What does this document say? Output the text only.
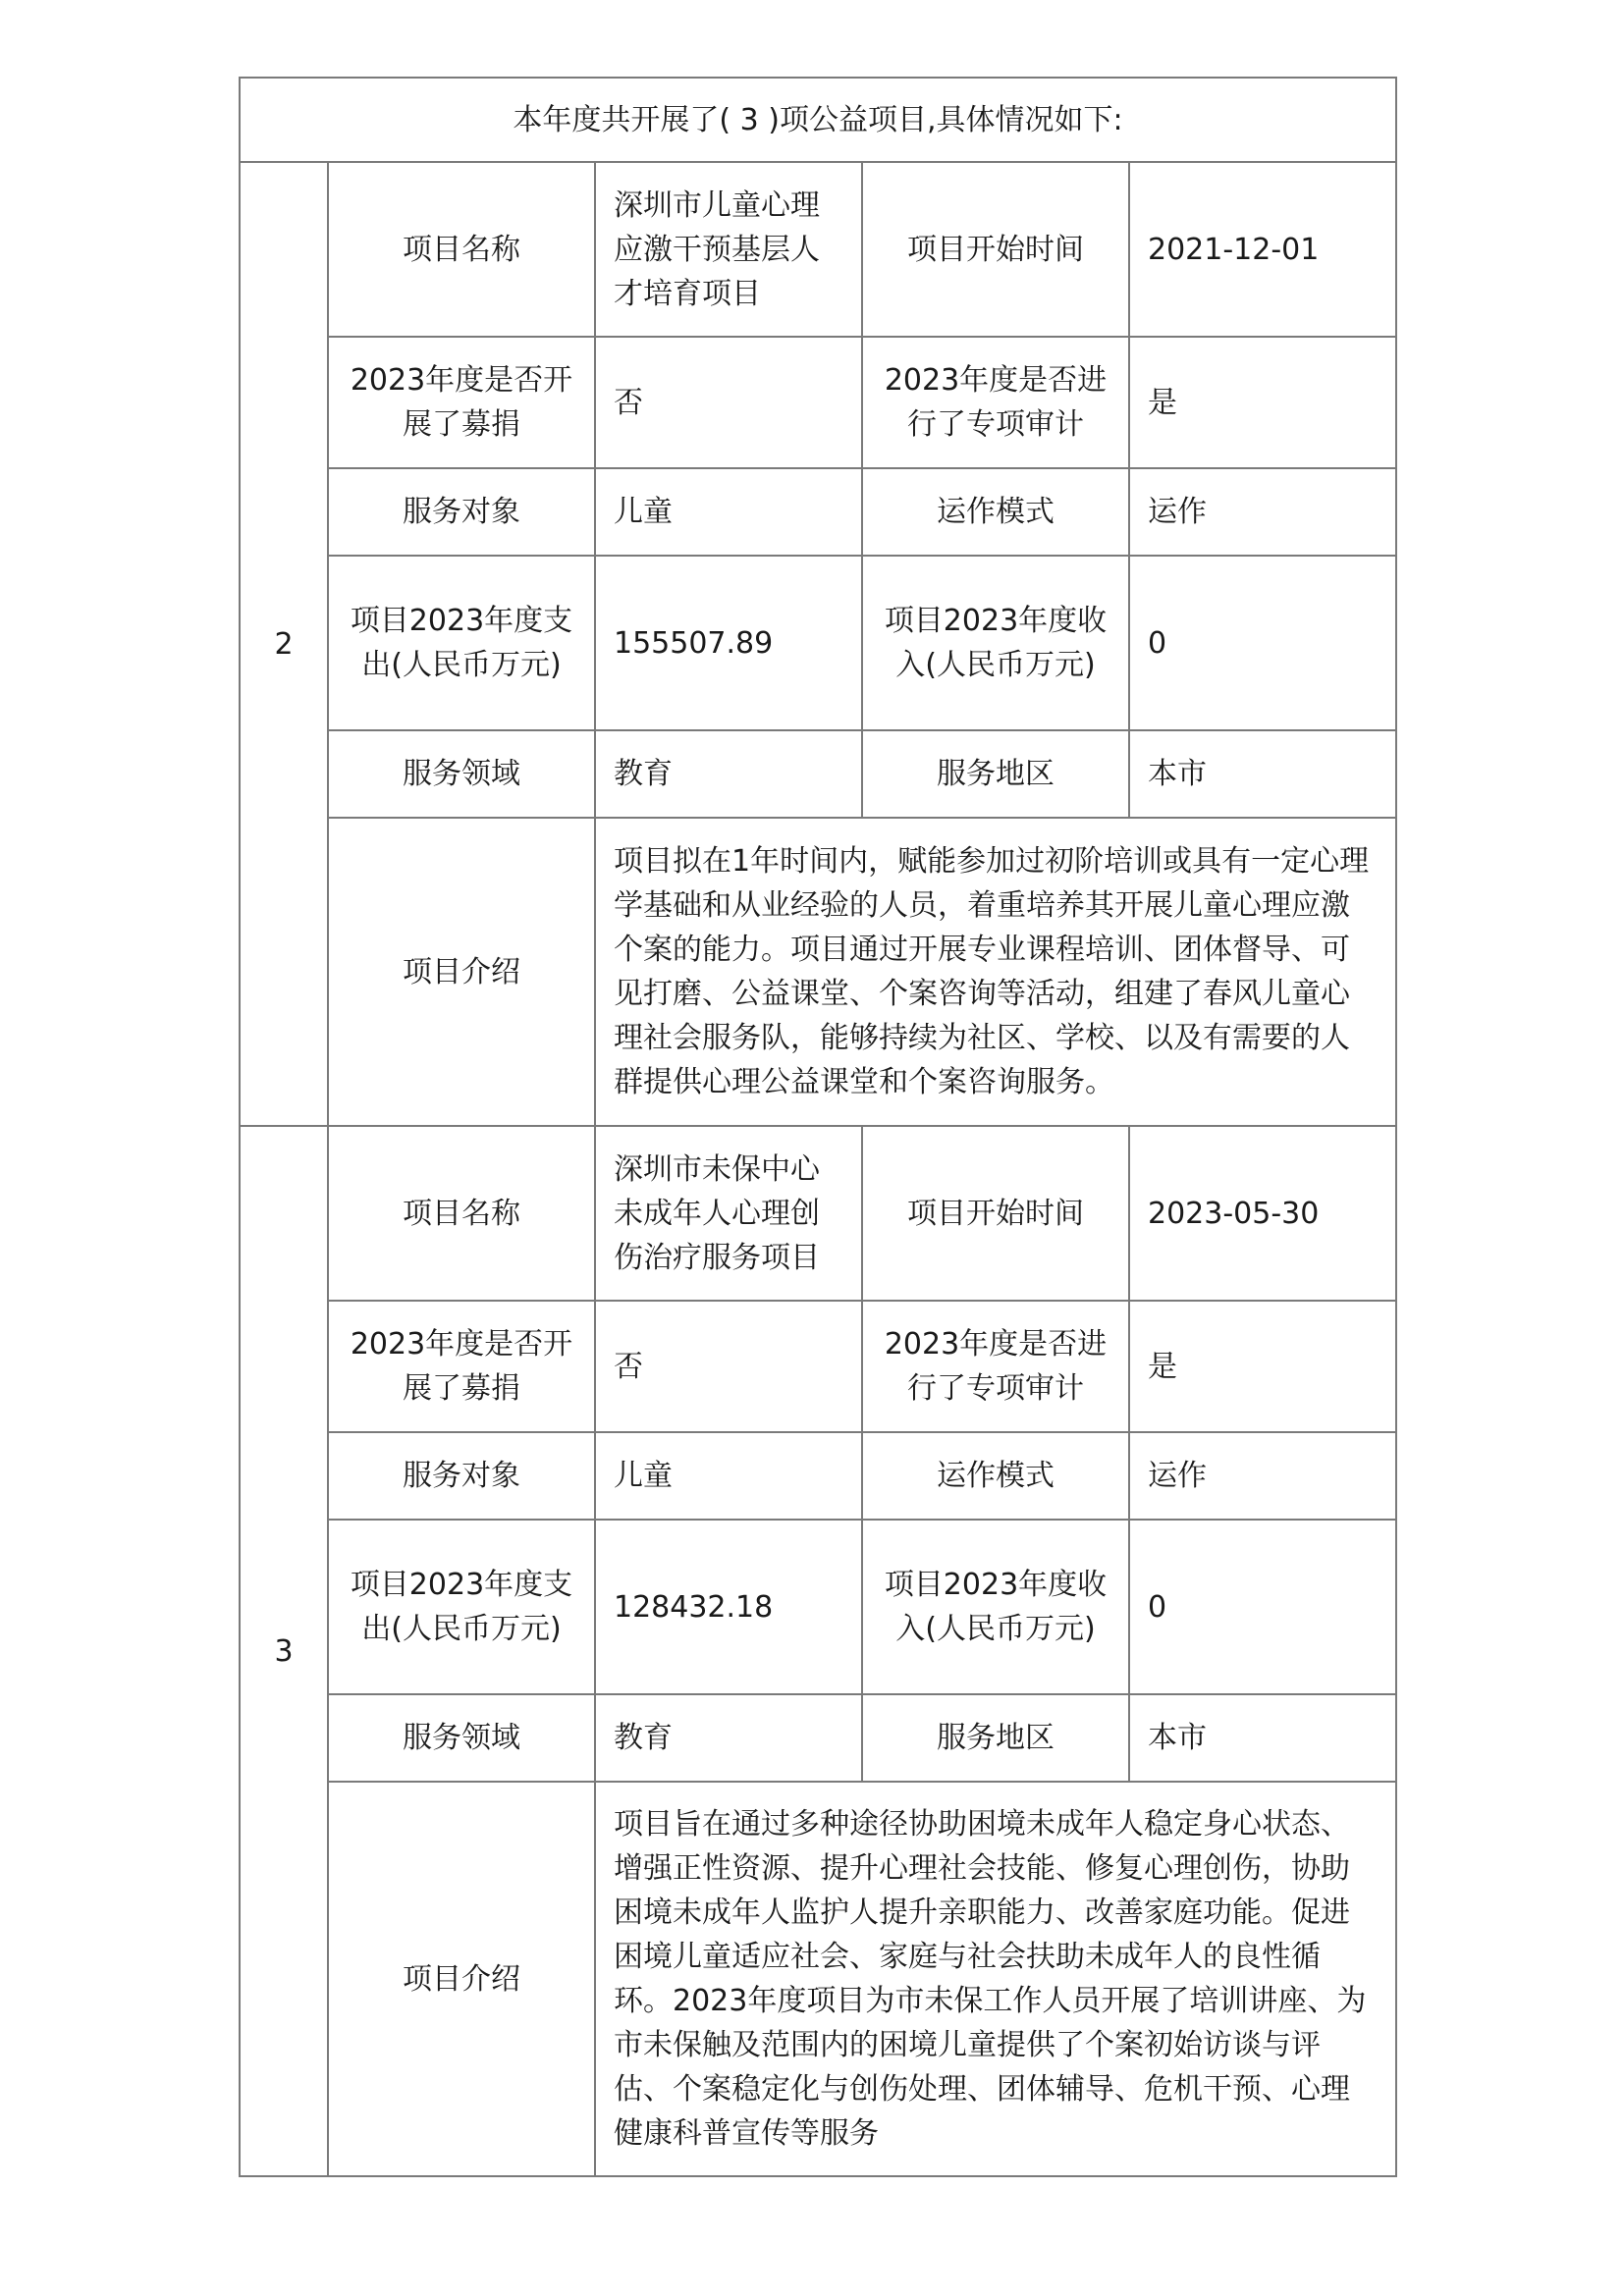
本年度共开展了( 3 )项公益项目,具体情况如下:				
2	项目名称	深圳市儿童心理应激干预基层人才培育项目	项目开始时间	2021-12-01
	2023年度是否开展了募捐	否	2023年度是否进行了专项审计	是
	服务对象	儿童	运作模式	运作
	项目2023年度支出(人民币万元)	155507.89	项目2023年度收入(人民币万元)	0
	服务领域	教育	服务地区	本市
	项目介绍	项目拟在1年时间内，赋能参加过初阶培训或具有一定心理学基础和从业经验的人员，着重培养其开展儿童心理应激个案的能力。项目通过开展专业课程培训、团体督导、可见打磨、公益课堂、个案咨询等活动，组建了春风儿童心理社会服务队，能够持续为社区、学校、以及有需要的人群提供心理公益课堂和个案咨询服务。		
3	项目名称	深圳市未保中心未成年人心理创伤治疗服务项目	项目开始时间	2023-05-30
	2023年度是否开展了募捐	否	2023年度是否进行了专项审计	是
	服务对象	儿童	运作模式	运作
	项目2023年度支出(人民币万元)	128432.18	项目2023年度收入(人民币万元)	0
	服务领域	教育	服务地区	本市
	项目介绍	项目旨在通过多种途径协助困境未成年人稳定身心状态、增强正性资源、提升心理社会技能、修复心理创伤，协助困境未成年人监护人提升亲职能力、改善家庭功能。促进困境儿童适应社会、家庭与社会扶助未成年人的良性循环。2023年度项目为市未保工作人员开展了培训讲座、为市未保触及范围内的困境儿童提供了个案初始访谈与评估、个案稳定化与创伤处理、团体辅导、危机干预、心理健康科普宣传等服务		
